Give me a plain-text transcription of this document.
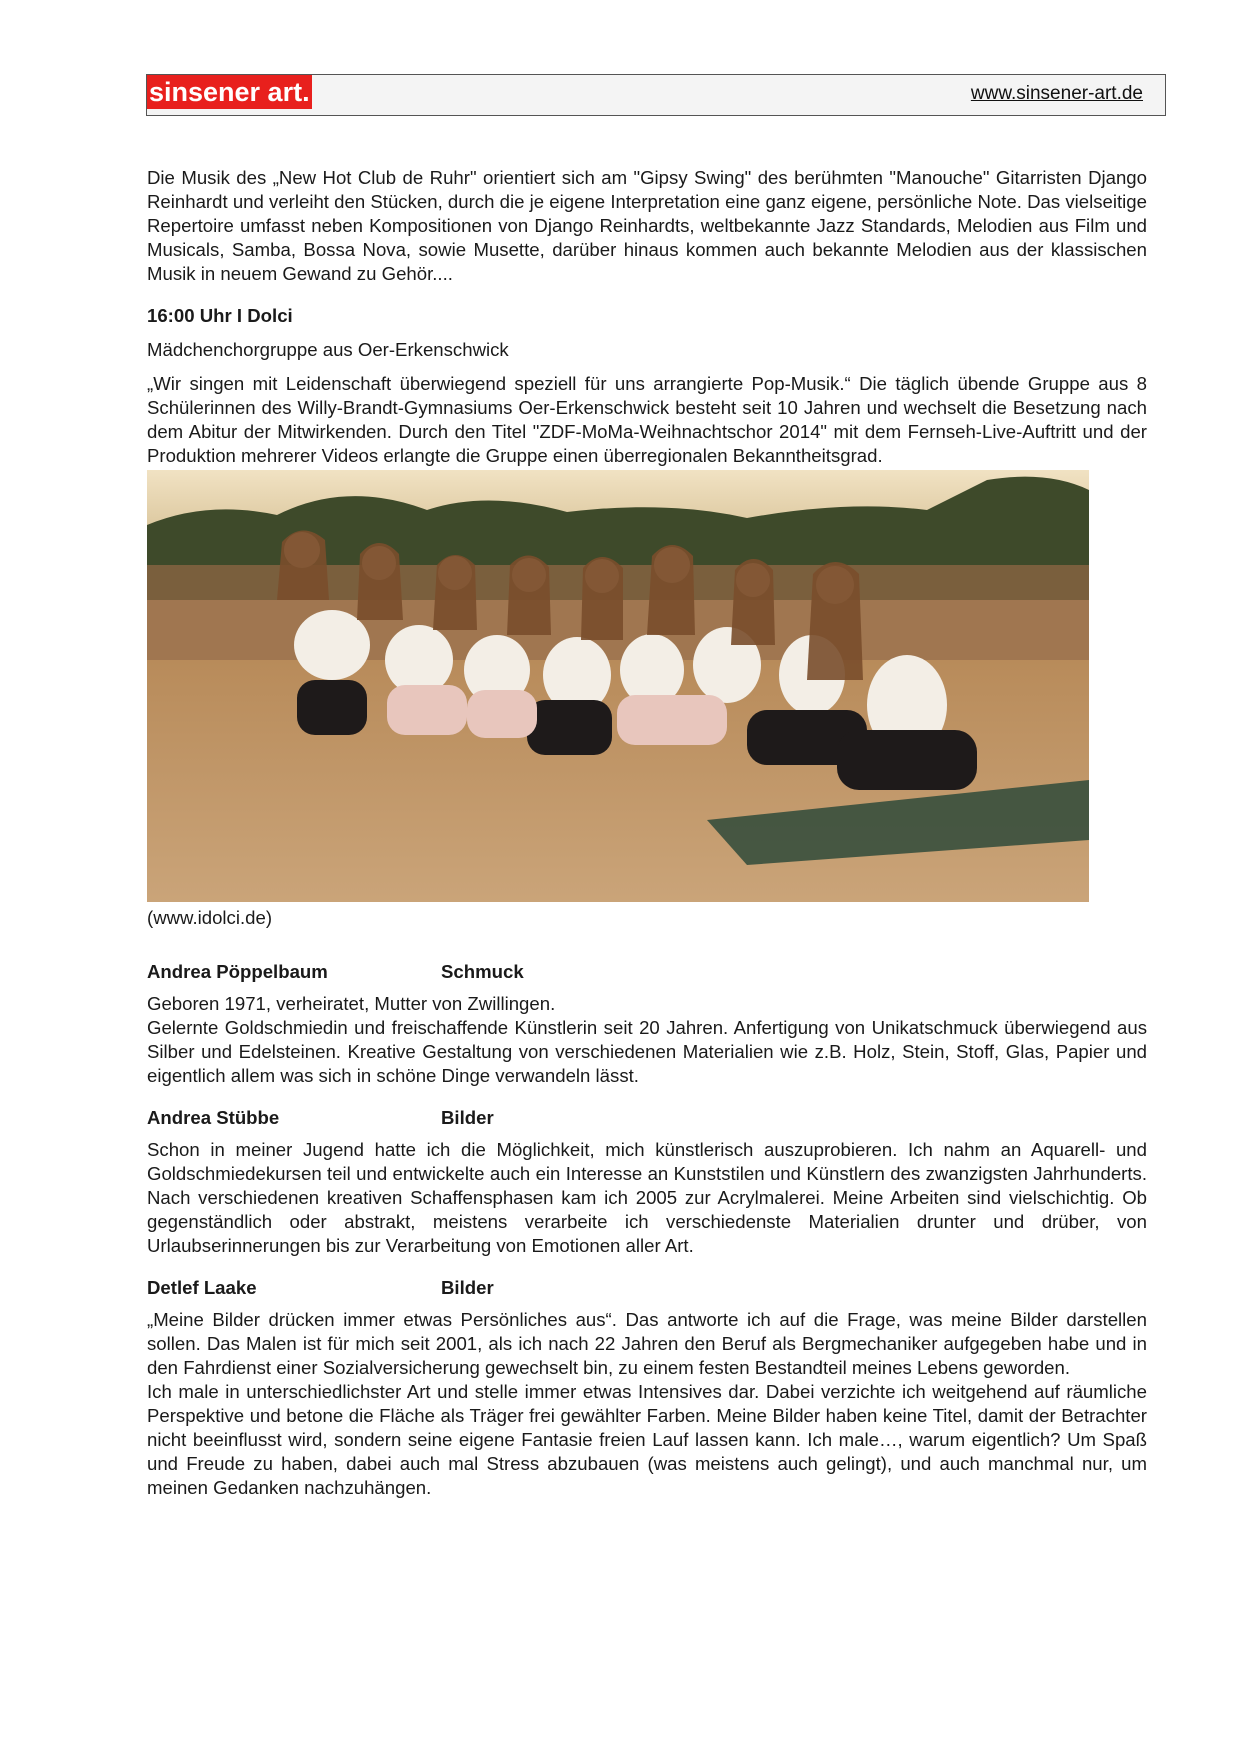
sinsener art.	www.sinsener-art.de

Die Musik des „New Hot Club de Ruhr" orientiert sich am "Gipsy Swing" des berühmten "Manouche" Gitarristen Django Reinhardt und verleiht den Stücken, durch die je eigene Interpretation eine ganz eigene, persönliche Note. Das vielseitige Repertoire umfasst neben Kompositionen von Django Reinhardts, weltbekannte Jazz Standards, Melodien aus Film und Musicals, Samba, Bossa Nova, sowie Musette, darüber hinaus kommen auch bekannte Melodien aus der klassischen Musik in neuem Gewand zu Gehör....

16:00 Uhr I Dolci

Mädchenchorgruppe aus Oer-Erkenschwick

„Wir singen mit Leidenschaft überwiegend speziell für uns arrangierte Pop-Musik.“ Die täglich übende Gruppe aus 8 Schülerinnen des Willy-Brandt-Gymnasiums Oer-Erkenschwick besteht seit 10 Jahren und wechselt die Besetzung nach dem Abitur der Mitwirkenden. Durch den Titel "ZDF-MoMa-Weihnachtschor 2014" mit dem Fernseh-Live-Auftritt und der Produktion mehrerer Videos erlangte die Gruppe einen überregionalen Bekanntheitsgrad.

(www.idolci.de)

Andrea Pöppelbaum	Schmuck

Geboren 1971, verheiratet, Mutter von Zwillingen.

Gelernte Goldschmiedin und freischaffende Künstlerin seit 20 Jahren. Anfertigung von Unikatschmuck überwiegend aus Silber und Edelsteinen. Kreative Gestaltung von verschiedenen Materialien wie z.B. Holz, Stein, Stoff, Glas, Papier und eigentlich allem was sich in schöne Dinge verwandeln lässt.

Andrea Stübbe	Bilder

Schon in meiner Jugend hatte ich die Möglichkeit, mich künstlerisch auszuprobieren. Ich nahm an Aquarell- und Goldschmiedekursen teil und entwickelte auch ein Interesse an Kunststilen und Künstlern des zwanzigsten Jahrhunderts. Nach verschiedenen kreativen Schaffensphasen kam ich 2005 zur Acrylmalerei. Meine Arbeiten sind vielschichtig. Ob gegenständlich oder abstrakt, meistens verarbeite ich verschiedenste Materialien drunter und drüber, von Urlaubserinnerungen bis zur Verarbeitung von Emotionen aller Art.

Detlef Laake	Bilder

„Meine Bilder drücken immer etwas Persönliches aus“. Das antworte ich auf die Frage, was meine Bilder darstellen sollen. Das Malen ist für mich seit 2001, als ich nach 22 Jahren den Beruf als Bergmechaniker aufgegeben habe und in den Fahrdienst einer Sozialversicherung gewechselt bin, zu einem festen Bestandteil meines Lebens geworden.

Ich male in unterschiedlichster Art und stelle immer etwas Intensives dar. Dabei verzichte ich weitgehend auf räumliche Perspektive und betone die Fläche als Träger frei gewählter Farben. Meine Bilder haben keine Titel, damit der Betrachter nicht beeinflusst wird, sondern seine eigene Fantasie freien Lauf lassen kann. Ich male…, warum eigentlich? Um Spaß und Freude zu haben, dabei auch mal Stress abzubauen (was meistens auch gelingt), und auch manchmal nur, um meinen Gedanken nachzuhängen.
